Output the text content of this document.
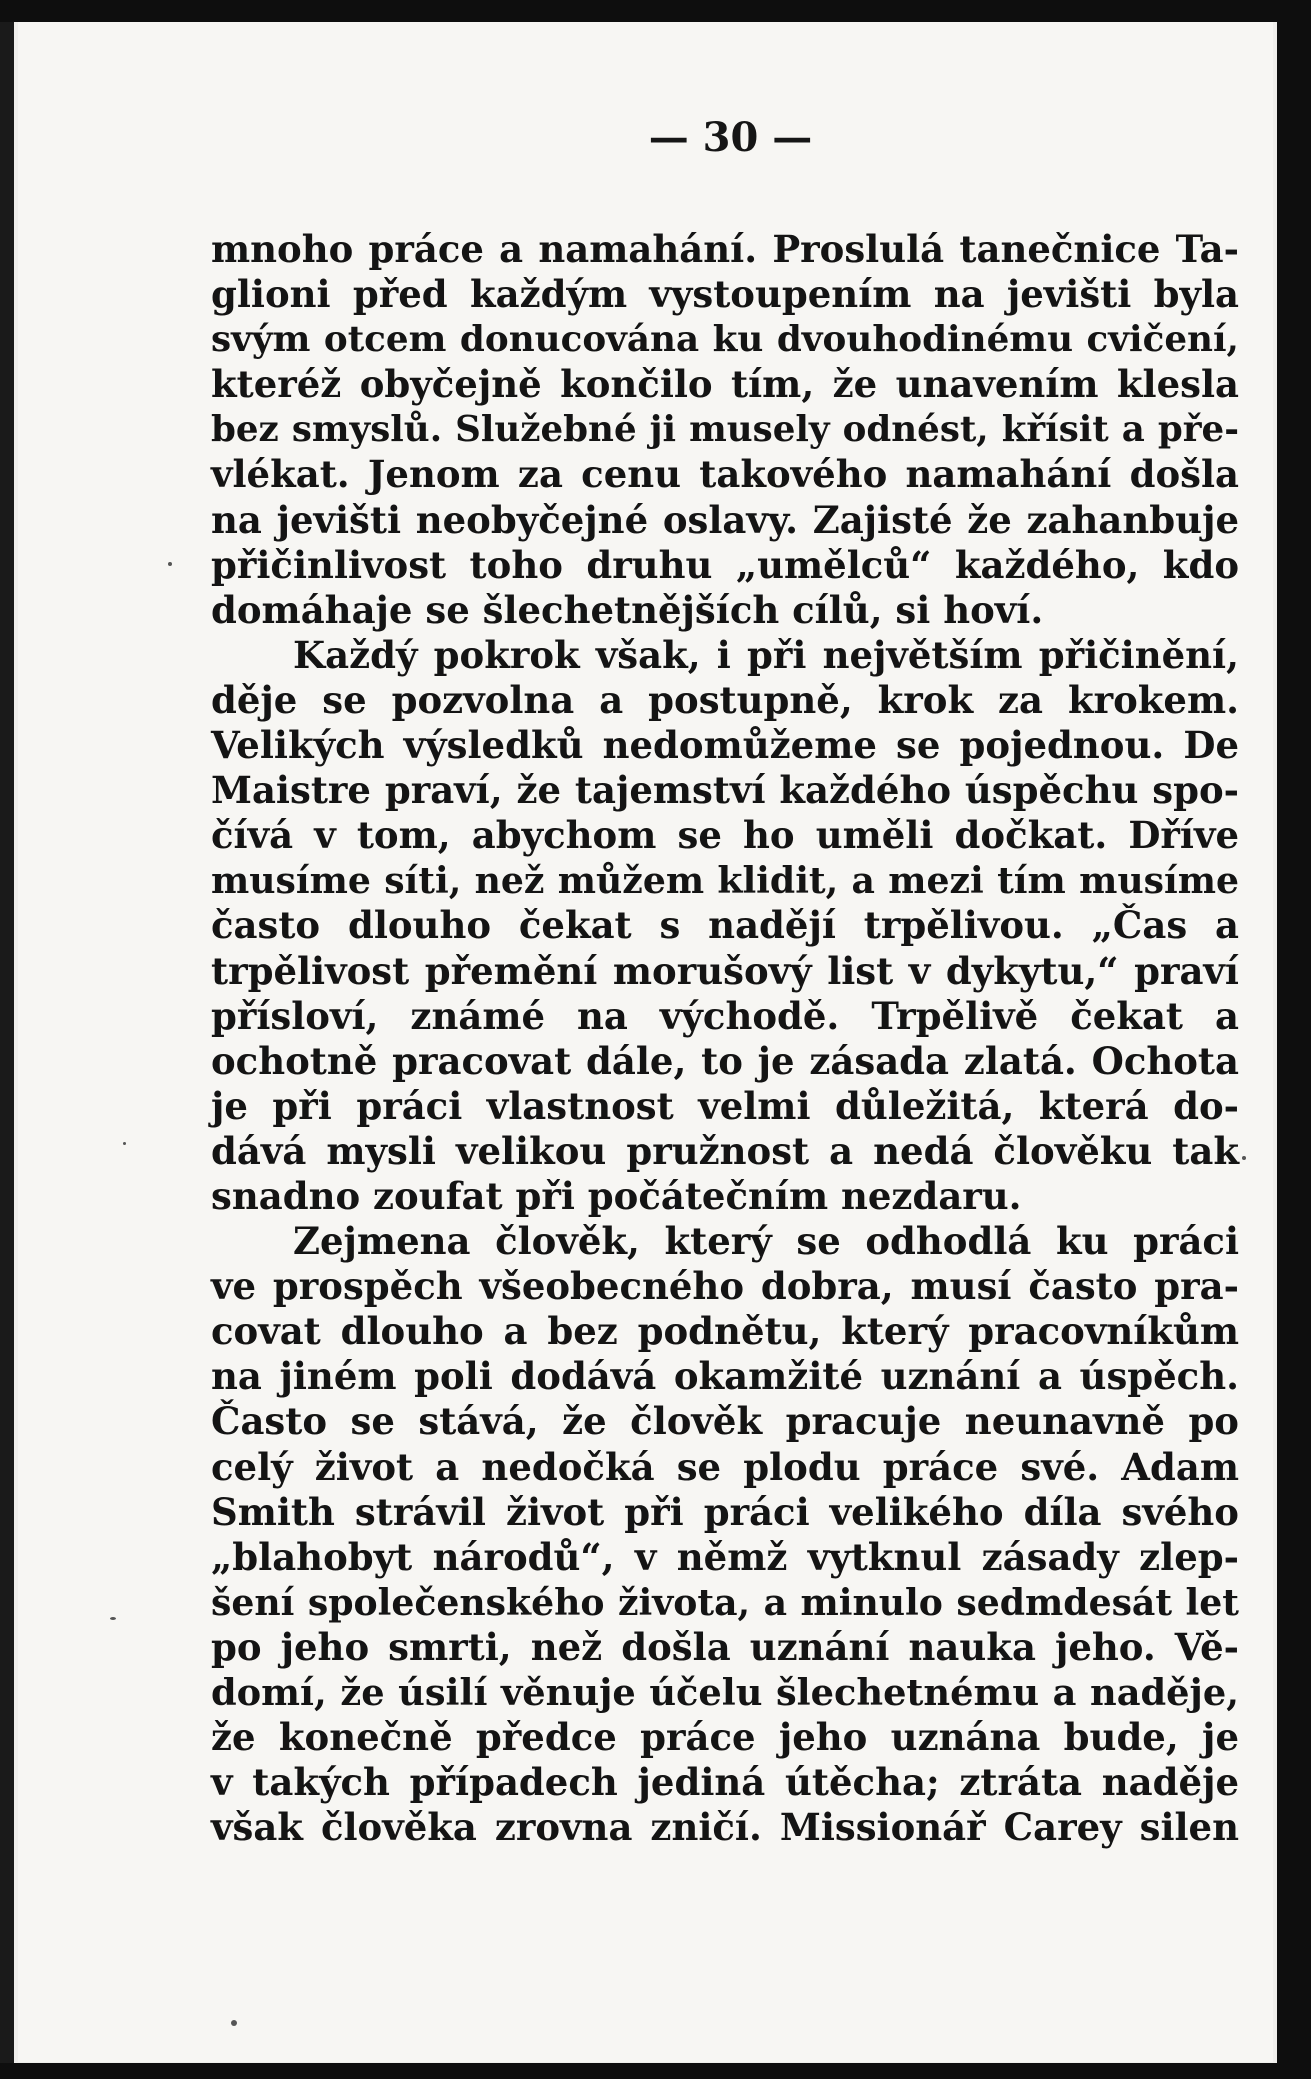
— 30 —
mnoho práce a namahání. Proslulá tanečnice Ta-
glioni před každým vystoupením na jevišti byla
svým otcem donucována ku dvouhodinému cvičení,
kteréž obyčejně končilo tím, že unavením klesla
bez smyslů. Služebné ji musely odnést, křísit a pře-
vlékat. Jenom za cenu takového namahání došla
na jevišti neobyčejné oslavy. Zajisté že zahanbuje
přičinlivost toho druhu „umělců“ každého, kdo
domáhaje se šlechetnějších cílů, si hoví.
Každý pokrok však, i při největším přičinění,
děje se pozvolna a postupně, krok za krokem.
Velikých výsledků nedomůžeme se pojednou. De
Maistre praví, že tajemství každého úspěchu spo-
čívá v tom, abychom se ho uměli dočkat. Dříve
musíme síti, než můžem klidit, a mezi tím musíme
často dlouho čekat s nadějí trpělivou. „Čas a
trpělivost přemění morušový list v dykytu,“ praví
přísloví, známé na východě. Trpělivě čekat a
ochotně pracovat dále, to je zásada zlatá. Ochota
je při práci vlastnost velmi důležitá, která do-
dává mysli velikou pružnost a nedá člověku tak
snadno zoufat při počátečním nezdaru.
Zejmena člověk, který se odhodlá ku práci
ve prospěch všeobecného dobra, musí často pra-
covat dlouho a bez podnětu, který pracovníkům
na jiném poli dodává okamžité uznání a úspěch.
Často se stává, že člověk pracuje neunavně po
celý život a nedočká se plodu práce své. Adam
Smith strávil život při práci velikého díla svého
„blahobyt národů“, v němž vytknul zásady zlep-
šení společenského života, a minulo sedmdesát let
po jeho smrti, než došla uznání nauka jeho. Vě-
domí, že úsilí věnuje účelu šlechetnému a naděje,
že konečně předce práce jeho uznána bude, je
v takých případech jediná útěcha; ztráta naděje
však člověka zrovna zničí. Missionář Carey silen
